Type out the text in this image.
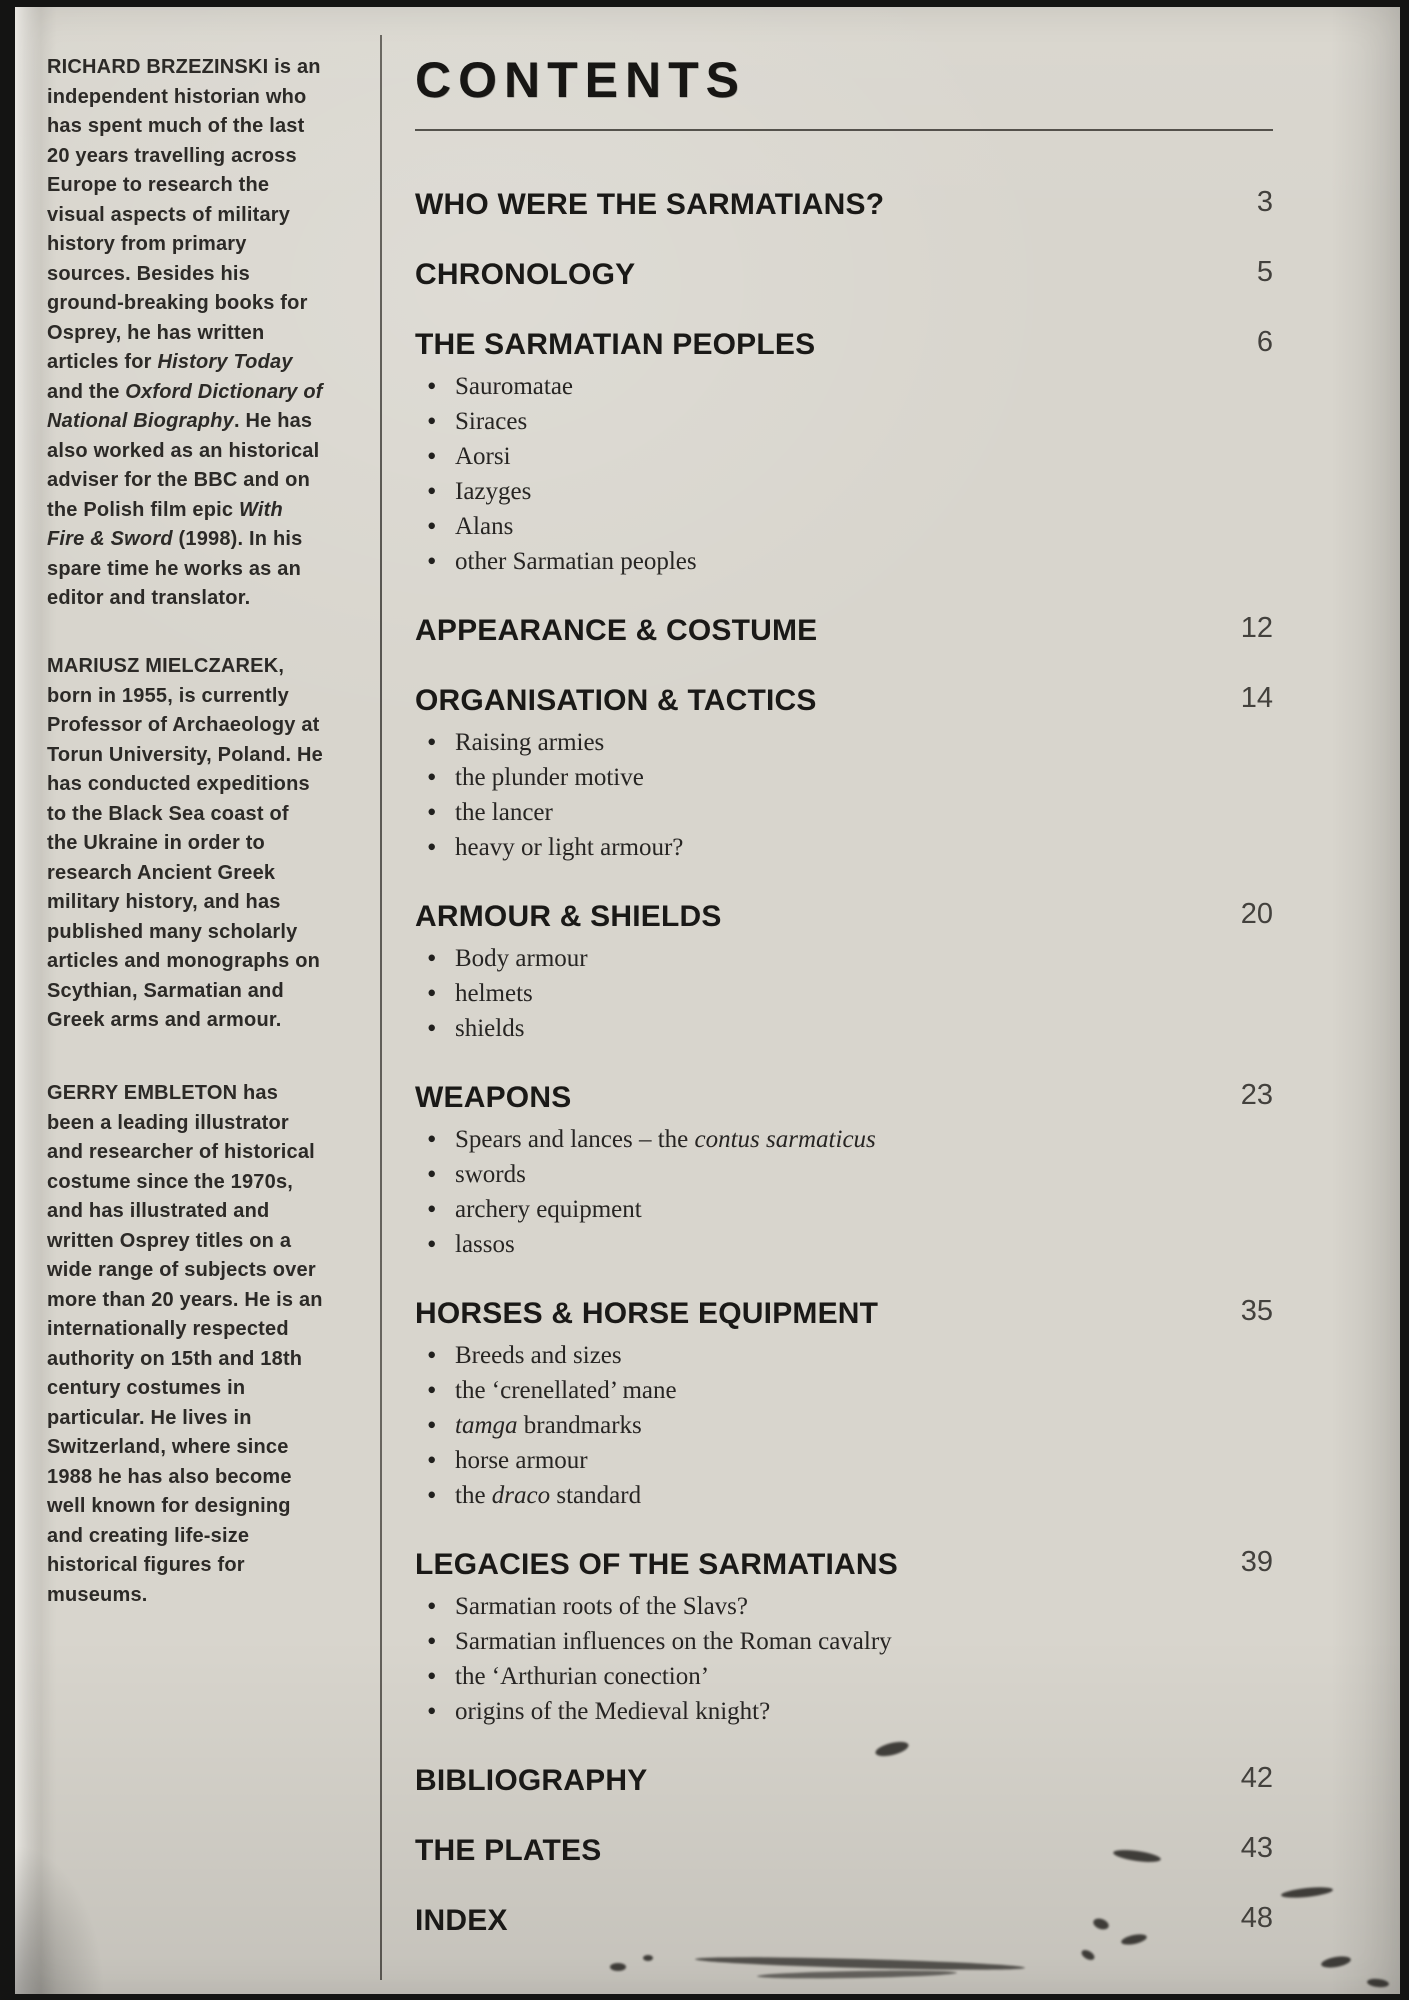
RICHARD BRZEZINSKI is an independent historian who has spent much of the last 20 years travelling across Europe to research the visual aspects of military history from primary sources. Besides his ground-breaking books for Osprey, he has written articles for History Today and the Oxford Dictionary of National Biography. He has also worked as an historical adviser for the BBC and on the Polish film epic With Fire & Sword (1998). In his spare time he works as an editor and translator.

MARIUSZ MIELCZAREK, born in 1955, is currently Professor of Archaeology at Torun University, Poland. He has conducted expeditions to the Black Sea coast of the Ukraine in order to research Ancient Greek military history, and has published many scholarly articles and monographs on Scythian, Sarmatian and Greek arms and armour.

GERRY EMBLETON has been a leading illustrator and researcher of historical costume since the 1970s, and has illustrated and written Osprey titles on a wide range of subjects over more than 20 years. He is an internationally respected authority on 15th and 18th century costumes in particular. He lives in Switzerland, where since 1988 he has also become well known for designing and creating life-size historical figures for museums.

CONTENTS
WHO WERE THE SARMATIANS?	3
CHRONOLOGY	5
THE SARMATIAN PEOPLES	6
• Sauromatae
• Siraces
• Aorsi
• Iazyges
• Alans
• other Sarmatian peoples
APPEARANCE & COSTUME	12
ORGANISATION & TACTICS	14
• Raising armies
• the plunder motive
• the lancer
• heavy or light armour?
ARMOUR & SHIELDS	20
• Body armour
• helmets
• shields
WEAPONS	23
• Spears and lances – the contus sarmaticus
• swords
• archery equipment
• lassos
HORSES & HORSE EQUIPMENT	35
• Breeds and sizes
• the ‘crenellated’ mane
• tamga brandmarks
• horse armour
• the draco standard
LEGACIES OF THE SARMATIANS	39
• Sarmatian roots of the Slavs?
• Sarmatian influences on the Roman cavalry
• the ‘Arthurian conection’
• origins of the Medieval knight?
BIBLIOGRAPHY	42
THE PLATES	43
INDEX	48
